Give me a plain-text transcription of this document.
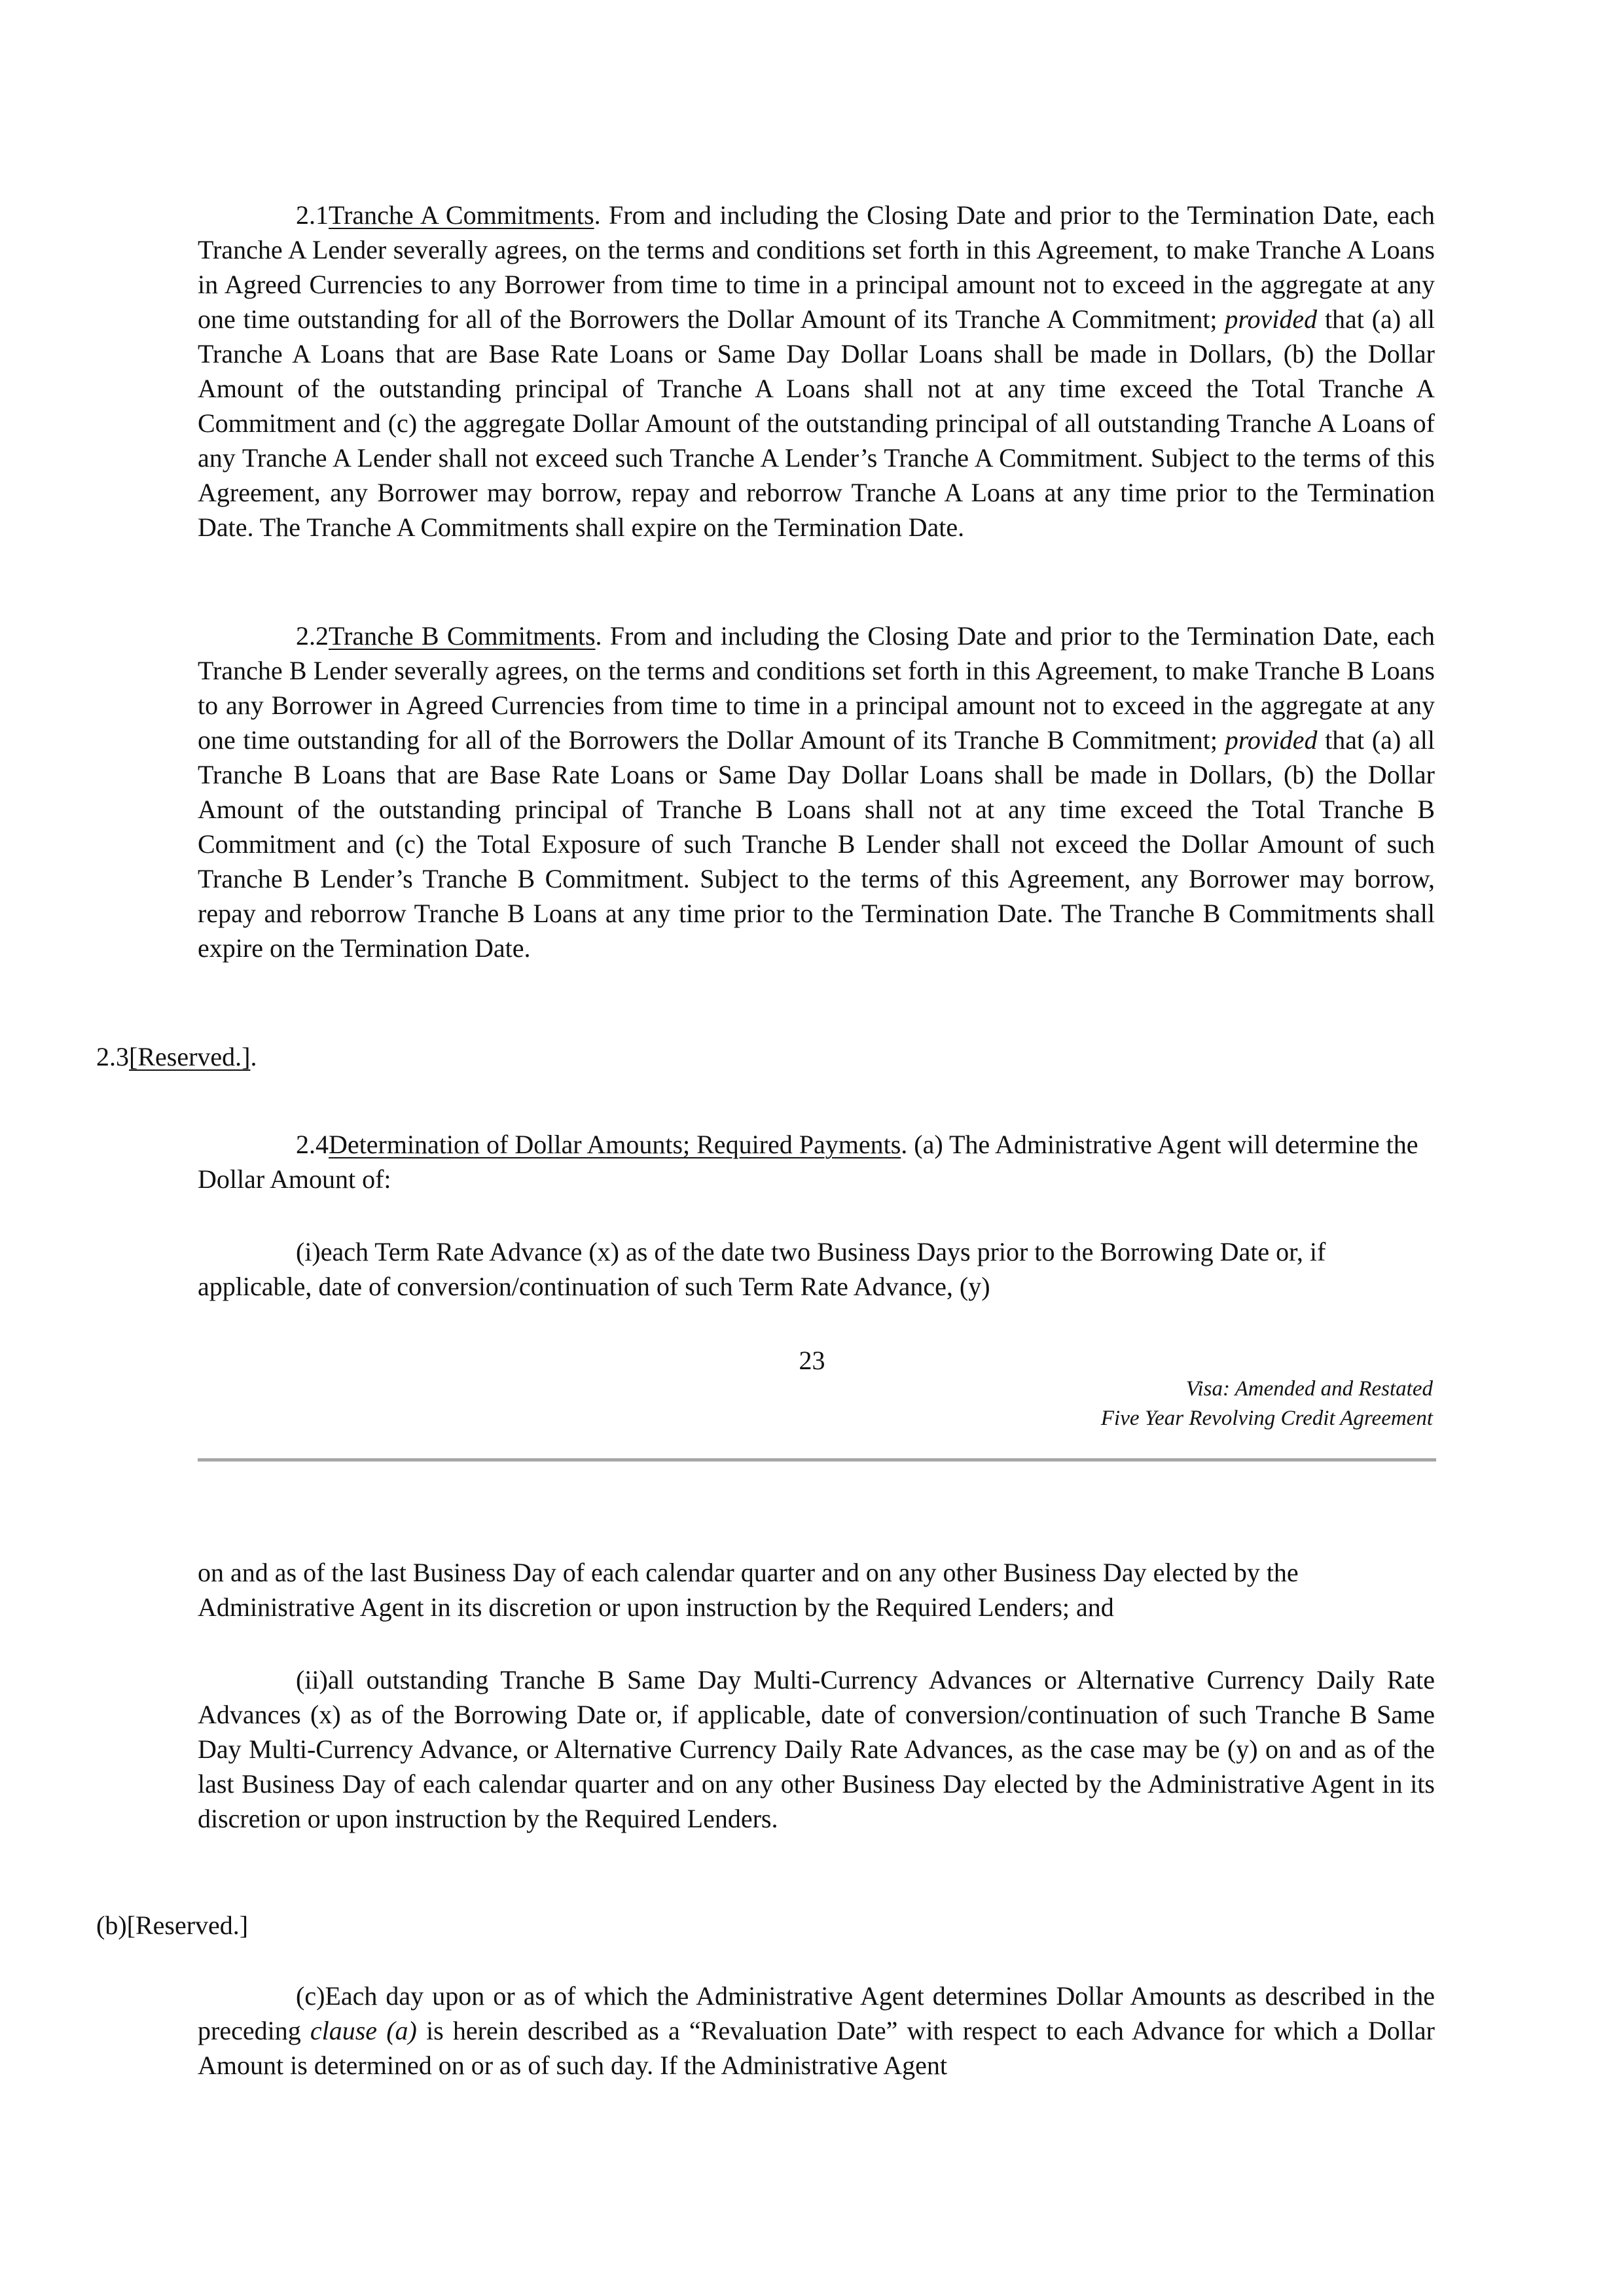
2.1Tranche A Commitments. From and including the Closing Date and prior to the Termination Date, each Tranche A Lender severally agrees, on the terms and conditions set forth in this Agreement, to make Tranche A Loans in Agreed Currencies to any Borrower from time to time in a principal amount not to exceed in the aggregate at any one time outstanding for all of the Borrowers the Dollar Amount of its Tranche A Commitment; provided that (a) all Tranche A Loans that are Base Rate Loans or Same Day Dollar Loans shall be made in Dollars, (b) the Dollar Amount of the outstanding principal of Tranche A Loans shall not at any time exceed the Total Tranche A Commitment and (c) the aggregate Dollar Amount of the outstanding principal of all outstanding Tranche A Loans of any Tranche A Lender shall not exceed such Tranche A Lender’s Tranche A Commitment. Subject to the terms of this Agreement, any Borrower may borrow, repay and reborrow Tranche A Loans at any time prior to the Termination Date. The Tranche A Commitments shall expire on the Termination Date.

2.2Tranche B Commitments. From and including the Closing Date and prior to the Termination Date, each Tranche B Lender severally agrees, on the terms and conditions set forth in this Agreement, to make Tranche B Loans to any Borrower in Agreed Currencies from time to time in a principal amount not to exceed in the aggregate at any one time outstanding for all of the Borrowers the Dollar Amount of its Tranche B Commitment; provided that (a) all Tranche B Loans that are Base Rate Loans or Same Day Dollar Loans shall be made in Dollars, (b) the Dollar Amount of the outstanding principal of Tranche B Loans shall not at any time exceed the Total Tranche B Commitment and (c) the Total Exposure of such Tranche B Lender shall not exceed the Dollar Amount of such Tranche B Lender’s Tranche B Commitment. Subject to the terms of this Agreement, any Borrower may borrow, repay and reborrow Tranche B Loans at any time prior to the Termination Date. The Tranche B Commitments shall expire on the Termination Date.

2.3[Reserved.].

2.4Determination of Dollar Amounts; Required Payments. (a) The Administrative Agent will determine the Dollar Amount of:

(i)each Term Rate Advance (x) as of the date two Business Days prior to the Borrowing Date or, if applicable, date of conversion/continuation of such Term Rate Advance, (y)

23
Visa: Amended and Restated
Five Year Revolving Credit Agreement

on and as of the last Business Day of each calendar quarter and on any other Business Day elected by the Administrative Agent in its discretion or upon instruction by the Required Lenders; and

(ii)all outstanding Tranche B Same Day Multi-Currency Advances or Alternative Currency Daily Rate Advances (x) as of the Borrowing Date or, if applicable, date of conversion/continuation of such Tranche B Same Day Multi-Currency Advance, or Alternative Currency Daily Rate Advances, as the case may be (y) on and as of the last Business Day of each calendar quarter and on any other Business Day elected by the Administrative Agent in its discretion or upon instruction by the Required Lenders.

(b)[Reserved.]

(c)Each day upon or as of which the Administrative Agent determines Dollar Amounts as described in the preceding clause (a) is herein described as a “Revaluation Date” with respect to each Advance for which a Dollar Amount is determined on or as of such day. If the Administrative Agent
